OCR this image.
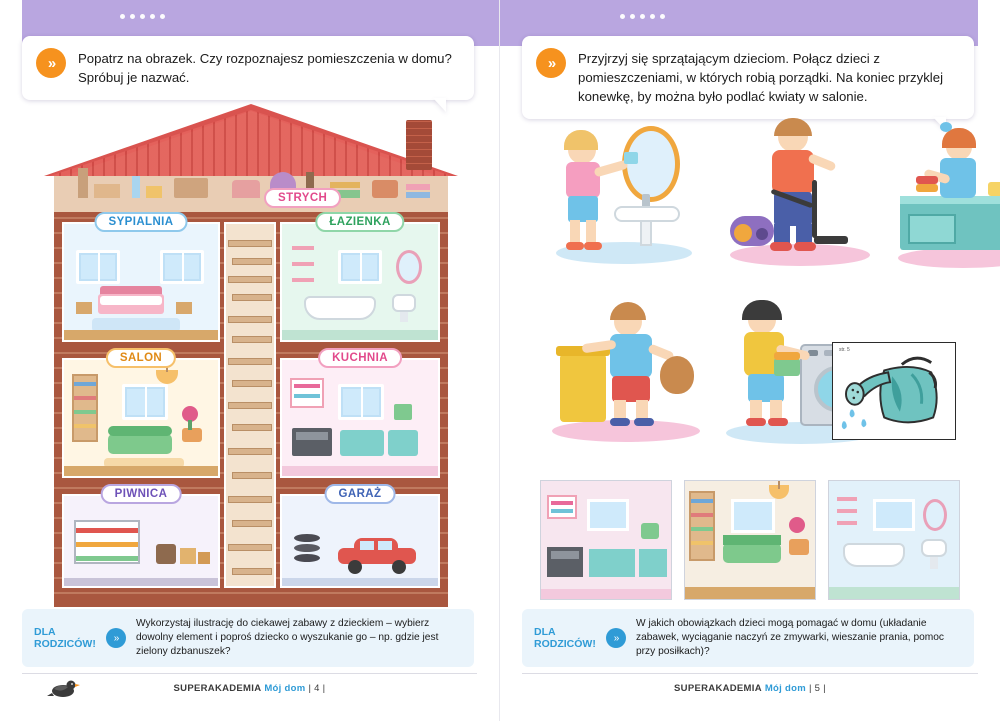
»	Popatrz na obrazek. Czy rozpoznajesz pomieszczenia w domu? Spróbuj je nazwać.

STRYCH
SYPIALNIA	ŁAZIENKA
SALON	KUCHNIA
PIWNICA	GARAŻ
DLA RODZICÓW!	»
Wykorzystaj ilustrację do ciekawej zabawy z dzieckiem – wybierz dowolny element i poproś dziecko o wyszukanie go – np. gdzie jest zielony dzbanuszek?
SUPERAKADEMIA Mój dom | 4 |
»	Przyjrzyj się sprzątającym dzieciom. Połącz dzieci z pomieszczeniami, w których robią porządki. Na koniec przyklej konewkę, by można było podlać kwiaty w salonie.

str. 5
DLA RODZICÓW!	»
W jakich obowiązkach dzieci mogą pomagać w domu (układanie zabawek, wyciąganie naczyń ze zmywarki, wieszanie prania, pomoc przy posiłkach)?
SUPERAKADEMIA Mój dom | 5 |
